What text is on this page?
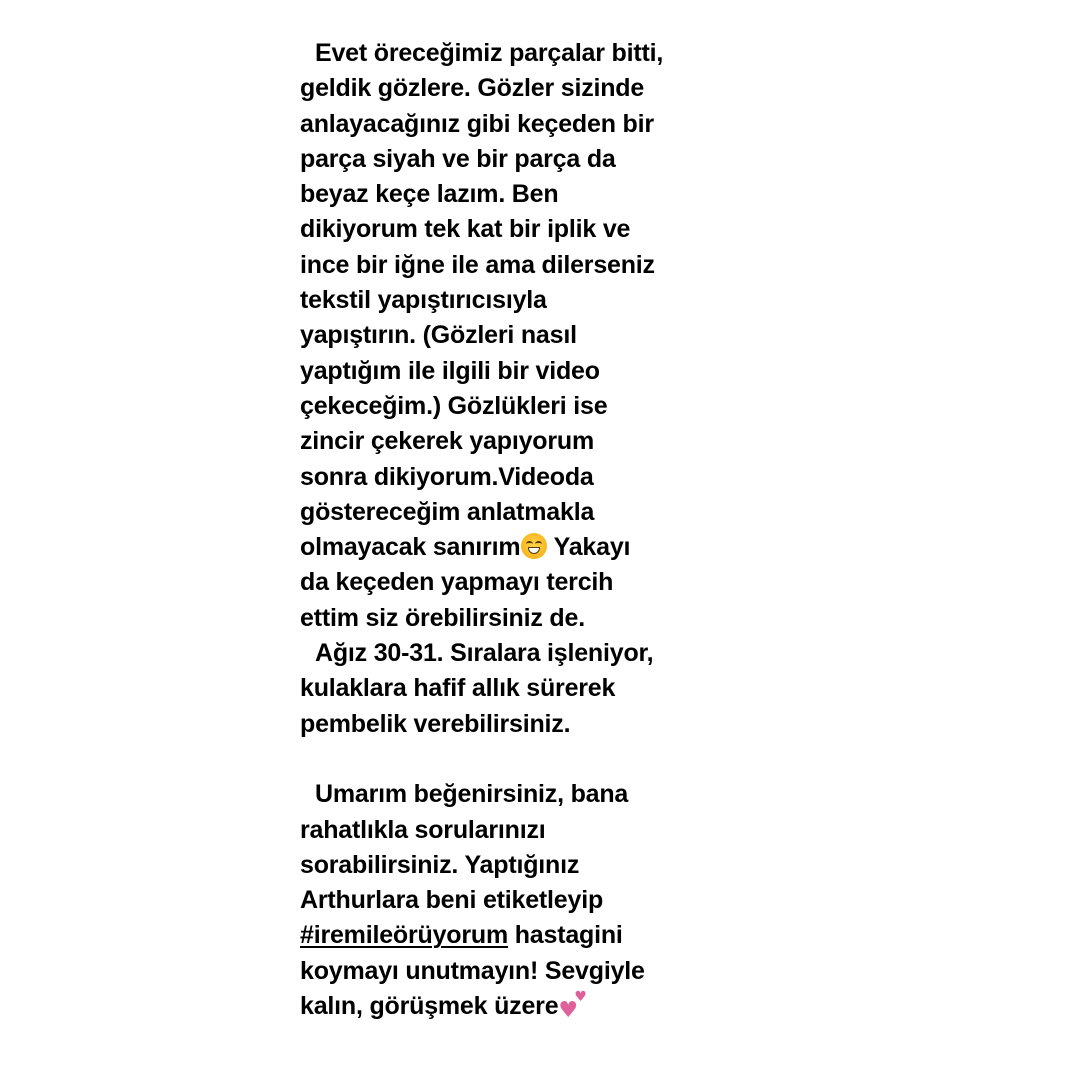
Evet öreceğimiz parçalar bitti,
geldik gözlere. Gözler sizinde
anlayacağınız gibi keçeden bir
parça siyah ve bir parça da
beyaz keçe lazım. Ben
dikiyorum tek kat bir iplik ve
ince bir iğne ile ama dilerseniz
tekstil yapıştırıcısıyla
yapıştırın. (Gözleri nasıl
yaptığım ile ilgili bir video
çekeceğim.) Gözlükleri ise
zincir çekerek yapıyorum
sonra dikiyorum.Videoda
göstereceğim anlatmakla
olmayacak sanırım
Yakayı
da keçeden yapmayı tercih
ettim siz örebilirsiniz de.
Ağız 30-31. Sıralara işleniyor,
kulaklara hafif allık sürerek
pembelik verebilirsiniz.
Umarım beğenirsiniz, bana
rahatlıkla sorularınızı
sorabilirsiniz. Yaptığınız
Arthurlara beni etiketleyip
#iremileörüyorum hastagini
koymayı unutmayın! Sevgiyle
kalın, görüşmek üzere ♥
♥
